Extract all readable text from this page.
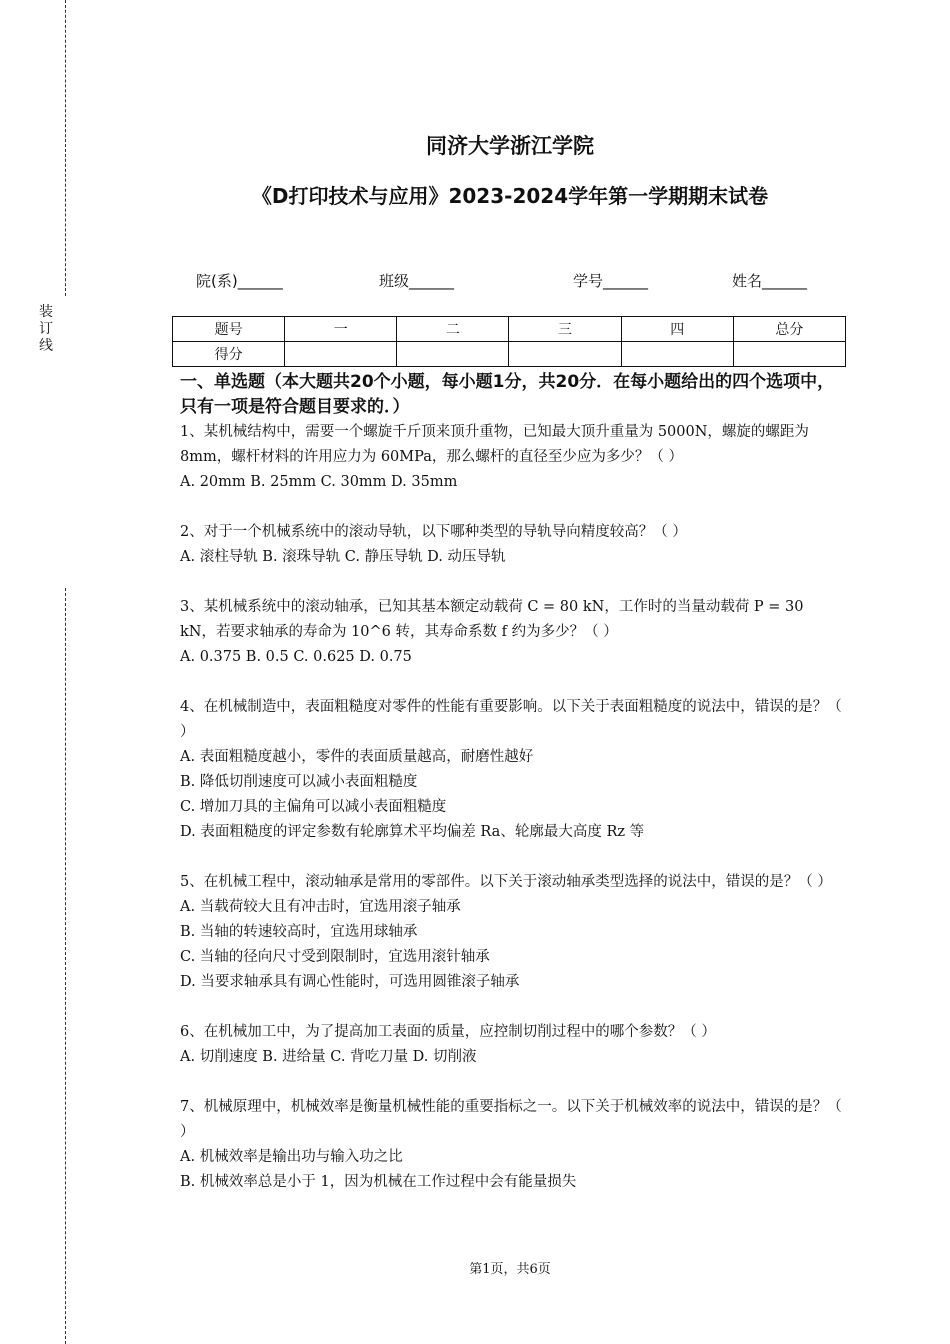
装
订
线
同济大学浙江学院
《D打印技术与应用》2023-2024学年第一学期期末试卷
院(系)______	班级______	学号______	姓名______
题号	一	二	三	四	总分
得分					
一、单选题（本大题共20个小题，每小题1分，共20分．在每小题给出的四个选项中，只有一项是符合题目要求的．）

1、某机械结构中，需要一个螺旋千斤顶来顶升重物，已知最大顶升重量为 5000N，螺旋的螺距为 8mm，螺杆材料的许用应力为 60MPa，那么螺杆的直径至少应为多少？（ ）

A. 20mm B. 25mm C. 30mm D. 35mm

2、对于一个机械系统中的滚动导轨，以下哪种类型的导轨导向精度较高？（ ）

A. 滚柱导轨 B. 滚珠导轨 C. 静压导轨 D. 动压导轨

3、某机械系统中的滚动轴承，已知其基本额定动载荷 C = 80 kN，工作时的当量动载荷 P = 30 kN，若要求轴承的寿命为 10^6 转，其寿命系数 f 约为多少？（ ）

A. 0.375 B. 0.5 C. 0.625 D. 0.75

4、在机械制造中，表面粗糙度对零件的性能有重要影响。以下关于表面粗糙度的说法中，错误的是？（ ）

A. 表面粗糙度越小，零件的表面质量越高，耐磨性越好

B. 降低切削速度可以减小表面粗糙度

C. 增加刀具的主偏角可以减小表面粗糙度

D. 表面粗糙度的评定参数有轮廓算术平均偏差 Ra、轮廓最大高度 Rz 等

5、在机械工程中，滚动轴承是常用的零部件。以下关于滚动轴承类型选择的说法中，错误的是？（ ）

A. 当载荷较大且有冲击时，宜选用滚子轴承

B. 当轴的转速较高时，宜选用球轴承

C. 当轴的径向尺寸受到限制时，宜选用滚针轴承

D. 当要求轴承具有调心性能时，可选用圆锥滚子轴承

6、在机械加工中，为了提高加工表面的质量，应控制切削过程中的哪个参数？（ ）

A. 切削速度 B. 进给量 C. 背吃刀量 D. 切削液

7、机械原理中，机械效率是衡量机械性能的重要指标之一。以下关于机械效率的说法中，错误的是？（ ）

A. 机械效率是输出功与输入功之比

B. 机械效率总是小于 1，因为机械在工作过程中会有能量损失

第1页，共6页
